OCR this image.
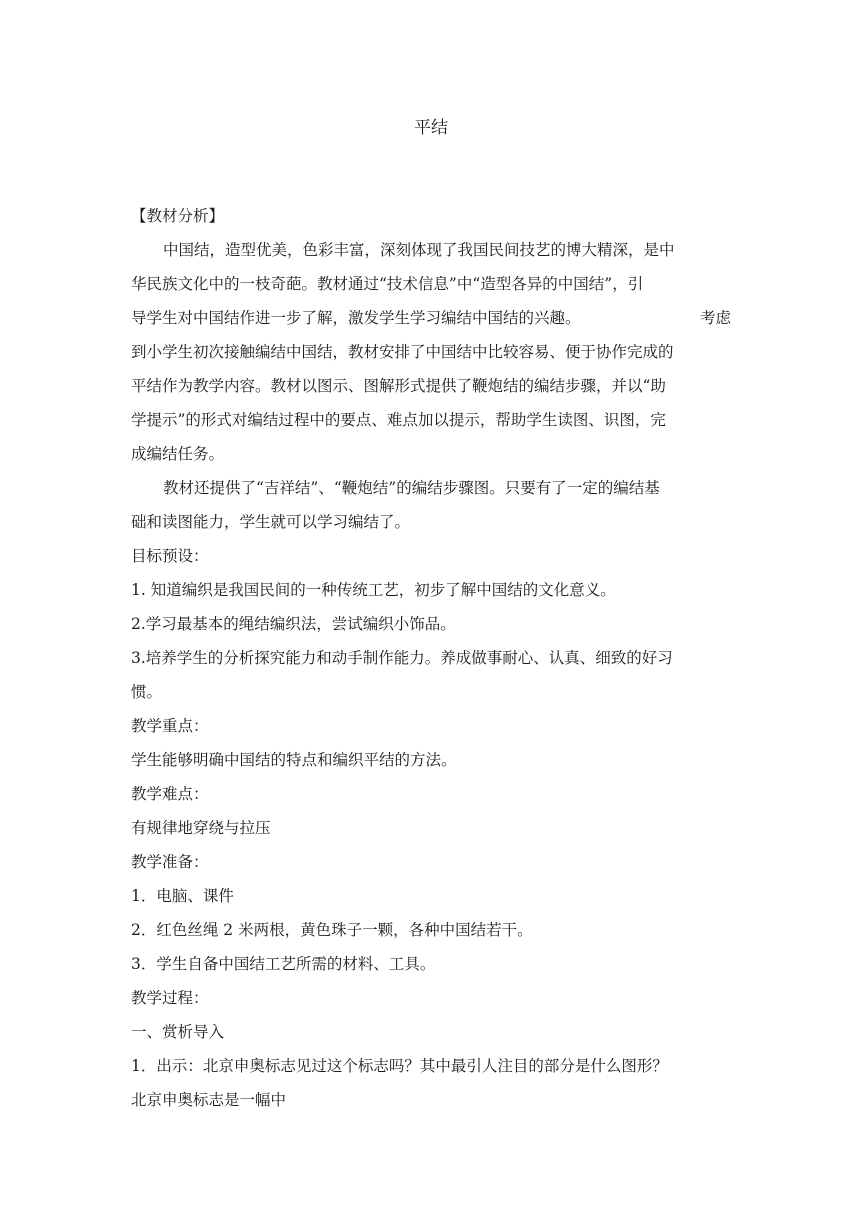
平结
【教材分析】
中国结，造型优美，色彩丰富，深刻体现了我国民间技艺的博大精深，是中
华民族文化中的一枝奇葩。教材通过“技术信息”中“造型各异的中国结”，引
导学生对中国结作进一步了解，激发学生学习编结中国结的兴趣。	考虑
到小学生初次接触编结中国结，教材安排了中国结中比较容易、便于协作完成的
平结作为教学内容。教材以图示、图解形式提供了鞭炮结的编结步骤，并以“助
学提示”的形式对编结过程中的要点、难点加以提示，帮助学生读图、识图，完
成编结任务。
教材还提供了“吉祥结”、“鞭炮结”的编结步骤图。只要有了一定的编结基
础和读图能力，学生就可以学习编结了。
目标预设：
1. 知道编织是我国民间的一种传统工艺，初步了解中国结的文化意义。
2.学习最基本的绳结编织法，尝试编织小饰品。
3.培养学生的分析探究能力和动手制作能力。养成做事耐心、认真、细致的好习
惯。
教学重点：
学生能够明确中国结的特点和编织平结的方法。
教学难点：
有规律地穿绕与拉压
教学准备：
1．电脑、课件
2．红色丝绳 2 米两根，黄色珠子一颗，各种中国结若干。
3．学生自备中国结工艺所需的材料、工具。
教学过程：
一、赏析导入
1．出示：北京申奥标志见过这个标志吗？其中最引人注目的部分是什么图形？
北京申奥标志是一幅中
